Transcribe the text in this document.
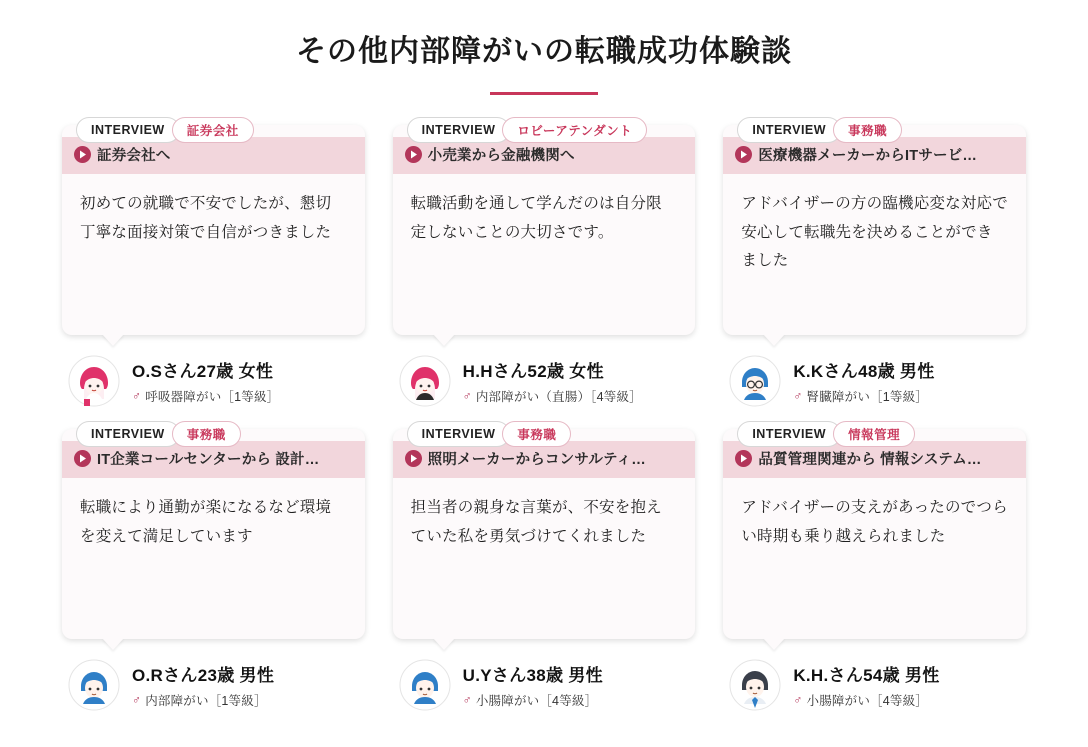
その他内部障がいの転職成功体験談
INTERVIEW	証券会社
証券会社へ
初めての就職で不安でしたが、懇切丁寧な面接対策で自信がつきました
O.Sさん27歳 女性
♂ 呼吸器障がい［1等級］
INTERVIEW	ロビーアテンダント
小売業から金融機関へ
転職活動を通して学んだのは自分限定しないことの大切さです。
H.Hさん52歳 女性
♂ 内部障がい（直腸）［4等級］
INTERVIEW	事務職
医療機器メーカーからITサービ…
アドバイザーの方の臨機応変な対応で 安心して転職先を決めることができました
K.Kさん48歳 男性
♂ 腎臓障がい［1等級］
INTERVIEW	事務職
IT企業コールセンターから 設計…
転職により通勤が楽になるなど環境を変えて満足しています
O.Rさん23歳 男性
♂ 内部障がい［1等級］
INTERVIEW	事務職
照明メーカーからコンサルティ…
担当者の親身な言葉が、不安を抱えていた私を勇気づけてくれました
U.Yさん38歳 男性
♂ 小腸障がい［4等級］
INTERVIEW	情報管理
品質管理関連から 情報システム…
アドバイザーの支えがあったのでつらい時期も乗り越えられました
K.H.さん54歳 男性
♂ 小腸障がい［4等級］
